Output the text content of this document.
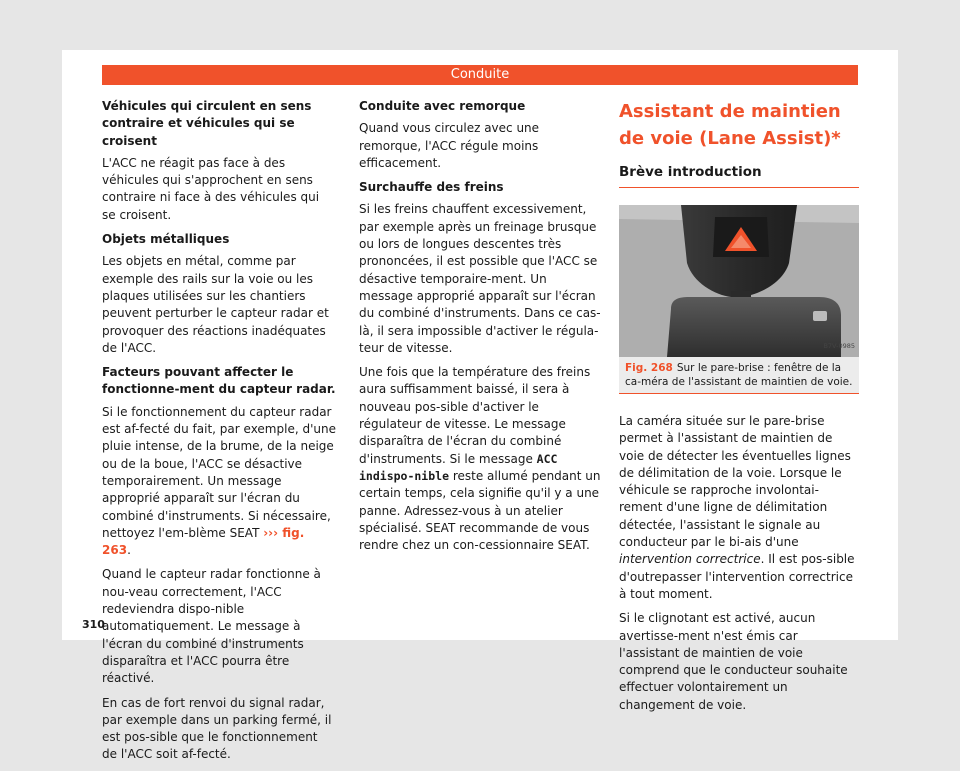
Conduite
Véhicules qui circulent en sens contraire et véhicules qui se croisent

L'ACC ne réagit pas face à des véhicules qui s'approchent en sens contraire ni face à des véhicules qui se croisent.

Objets métalliques

Les objets en métal, comme par exemple des rails sur la voie ou les plaques utilisées sur les chantiers peuvent perturber le capteur radar et provoquer des réactions inadéquates de l'ACC.

Facteurs pouvant affecter le fonctionne-ment du capteur radar.

Si le fonctionnement du capteur radar est af-fecté du fait, par exemple, d'une pluie intense, de la brume, de la neige ou de la boue, l'ACC se désactive temporairement. Un message approprié apparaît sur l'écran du combiné d'instruments. Si nécessaire, nettoyez l'em-blème SEAT ››› fig. 263.

Quand le capteur radar fonctionne à nou-veau correctement, l'ACC redeviendra dispo-nible automatiquement. Le message à l'écran du combiné d'instruments disparaîtra et l'ACC pourra être réactivé.

En cas de fort renvoi du signal radar, par exemple dans un parking fermé, il est pos-sible que le fonctionnement de l'ACC soit af-fecté.

Conduite avec remorque

Quand vous circulez avec une remorque, l'ACC régule moins efficacement.

Surchauffe des freins

Si les freins chauffent excessivement, par exemple après un freinage brusque ou lors de longues descentes très prononcées, il est possible que l'ACC se désactive temporaire-ment. Un message approprié apparaît sur l'écran du combiné d'instruments. Dans ce cas-là, il sera impossible d'activer le régula-teur de vitesse.

Une fois que la température des freins aura suffisamment baissé, il sera à nouveau pos-sible d'activer le régulateur de vitesse. Le message disparaîtra de l'écran du combiné d'instruments. Si le message ACC indispo-nible reste allumé pendant un certain temps, cela signifie qu'il y a une panne. Adressez-vous à un atelier spécialisé. SEAT recommande de vous rendre chez un con-cessionnaire SEAT.

Assistant de maintien de voie (Lane Assist)*
Brève introduction
B7V-0985
Fig. 268 Sur le pare-brise : fenêtre de la ca-méra de l'assistant de maintien de voie.

La caméra située sur le pare-brise permet à l'assistant de maintien de voie de détecter les éventuelles lignes de délimitation de la voie. Lorsque le véhicule se rapproche involontai-rement d'une ligne de délimitation détectée, l'assistant le signale au conducteur par le bi-ais d'une intervention correctrice. Il est pos-sible d'outrepasser l'intervention correctrice à tout moment.

Si le clignotant est activé, aucun avertisse-ment n'est émis car l'assistant de maintien de voie comprend que le conducteur souhaite effectuer volontairement un changement de voie.

310
